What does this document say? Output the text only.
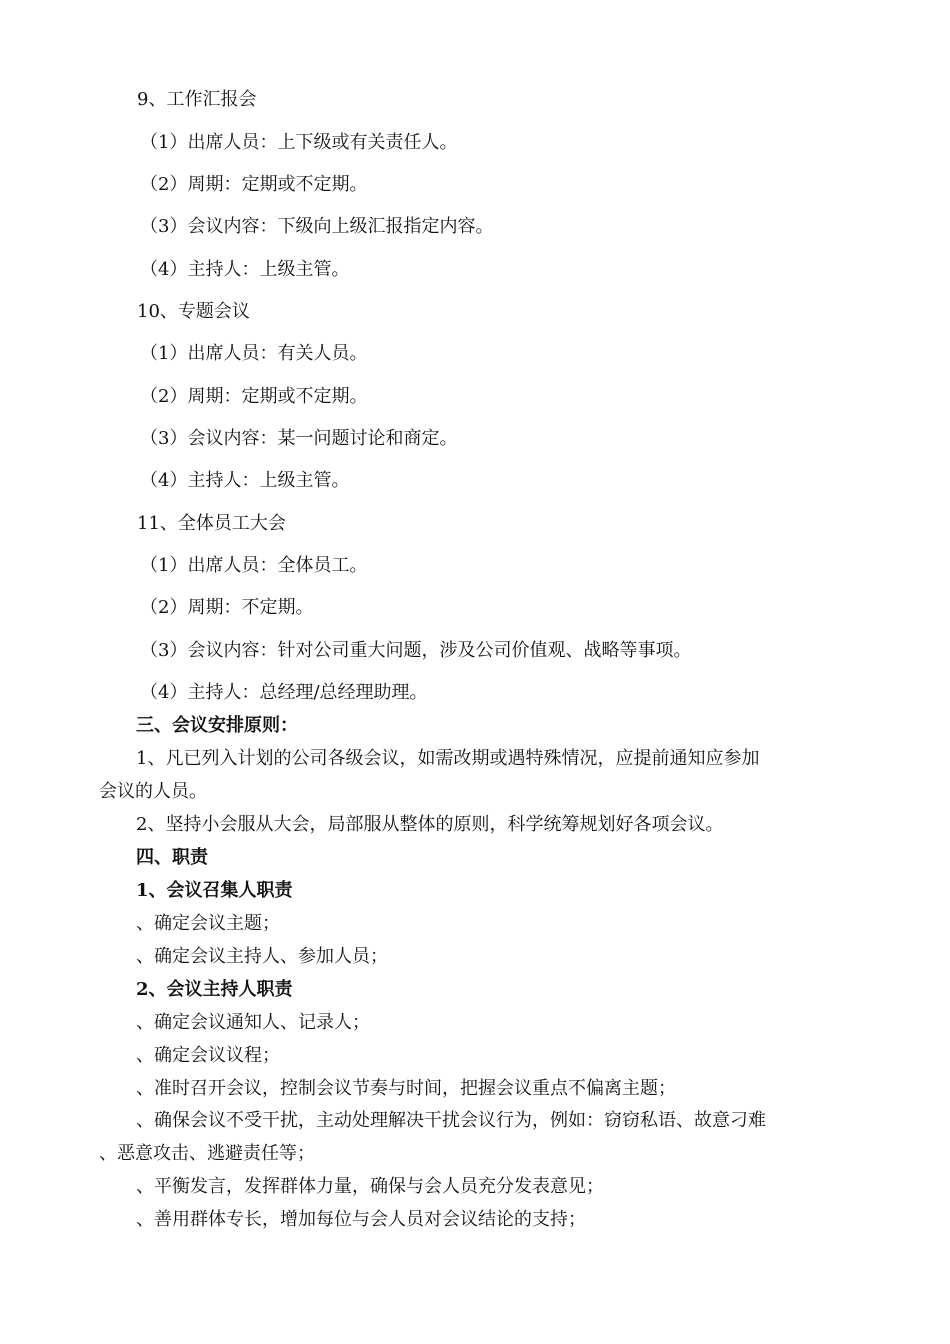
9、工作汇报会
（1）出席人员：上下级或有关责任人。
（2）周期：定期或不定期。
（3）会议内容：下级向上级汇报指定内容。
（4）主持人：上级主管。
10、专题会议
（1）出席人员：有关人员。
（2）周期：定期或不定期。
（3）会议内容：某一问题讨论和商定。
（4）主持人：上级主管。
11、全体员工大会
（1）出席人员：全体员工。
（2）周期：不定期。
（3）会议内容：针对公司重大问题，涉及公司价值观、战略等事项。
（4）主持人：总经理/总经理助理。
三、会议安排原则：
1、凡已列入计划的公司各级会议，如需改期或遇特殊情况，应提前通知应参加
会议的人员。
2、坚持小会服从大会，局部服从整体的原则，科学统筹规划好各项会议。
四、职责
1、会议召集人职责
、确定会议主题；
、确定会议主持人、参加人员；
2、会议主持人职责
、确定会议通知人、记录人；
、确定会议议程；
、准时召开会议，控制会议节奏与时间，把握会议重点不偏离主题；
、确保会议不受干扰，主动处理解决干扰会议行为，例如：窃窃私语、故意刁难
、恶意攻击、逃避责任等；
、平衡发言，发挥群体力量，确保与会人员充分发表意见；
、善用群体专长，增加每位与会人员对会议结论的支持；
